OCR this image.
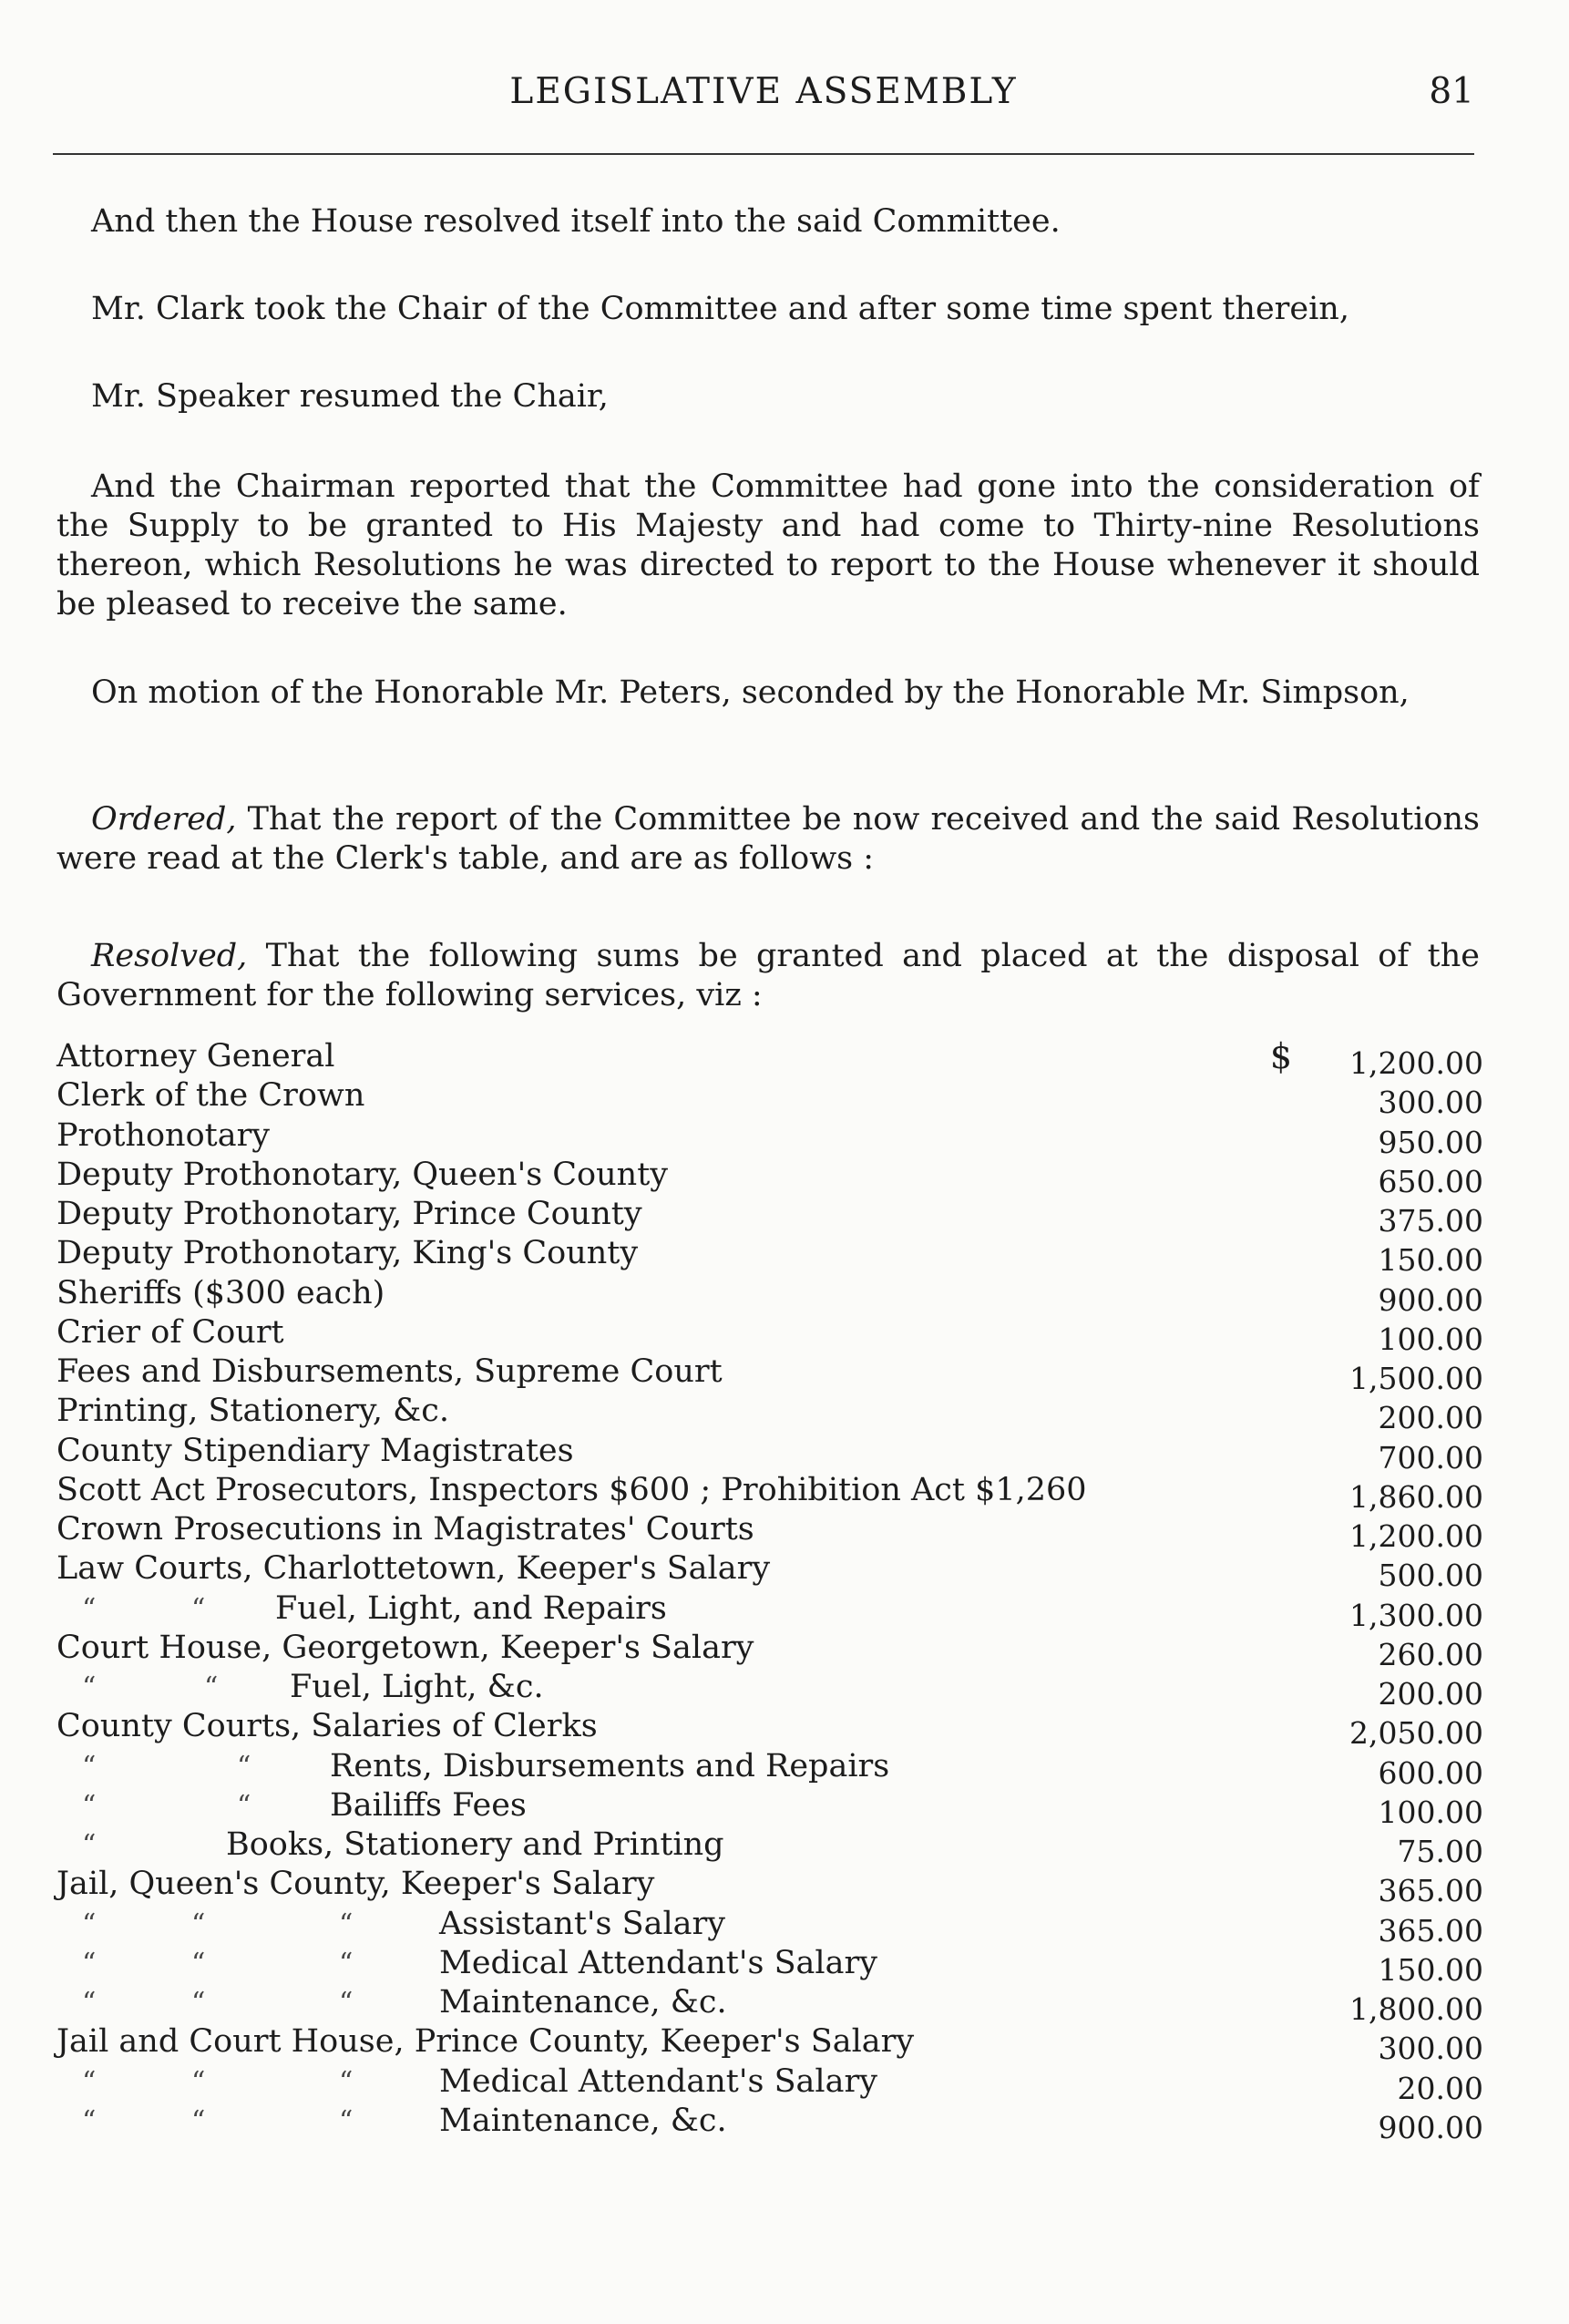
LEGISLATIVE ASSEMBLY	81
And then the House resolved itself into the said Committee.
Mr. Clark took the Chair of the Committee and after some time spent therein,
Mr. Speaker resumed the Chair,
And the Chairman reported that the Committee had gone into the consideration of the Supply to be granted to His Majesty and had come to Thirty-nine Resolutions thereon, which Resolutions he was directed to report to the House whenever it should be pleased to receive the same.
On motion of the Honorable Mr. Peters, seconded by the Honorable Mr. Simpson,
Ordered, That the report of the Committee be now received and the said Resolutions were read at the Clerk's table, and are as follows :
Resolved, That the following sums be granted and placed at the disposal of the Government for the following services, viz :
Attorney General	$ 1,200.00
Clerk of the Crown	300.00
Prothonotary	950.00
Deputy Prothonotary, Queen's County	650.00
Deputy Prothonotary, Prince County	375.00
Deputy Prothonotary, King's County	150.00
Sheriffs ($300 each)	900.00
Crier of Court	100.00
Fees and Disbursements, Supreme Court	1,500.00
Printing, Stationery, &c.	200.00
County Stipendiary Magistrates	700.00
Scott Act Prosecutors, Inspectors $600 ; Prohibition Act $1,260	1,860.00
Crown Prosecutions in Magistrates' Courts	1,200.00
Law Courts, Charlottetown, Keeper's Salary	500.00
“	“ Fuel, Light, and Repairs	1,300.00
Court House, Georgetown, Keeper's Salary	260.00
“	“ Fuel, Light, &c.	200.00
County Courts, Salaries of Clerks	2,050.00
“	“ Rents, Disbursements and Repairs	600.00
“	“ Bailiffs Fees	100.00
“	Books, Stationery and Printing	75.00
Jail, Queen's County, Keeper's Salary	365.00
“	“	“	Assistant's Salary	365.00
“	“	“	Medical Attendant's Salary	150.00
“	“	“	Maintenance, &c.	1,800.00
Jail and Court House, Prince County, Keeper's Salary	300.00
“	“	“	Medical Attendant's Salary	20.00
“	“	“	Maintenance, &c.	900.00
